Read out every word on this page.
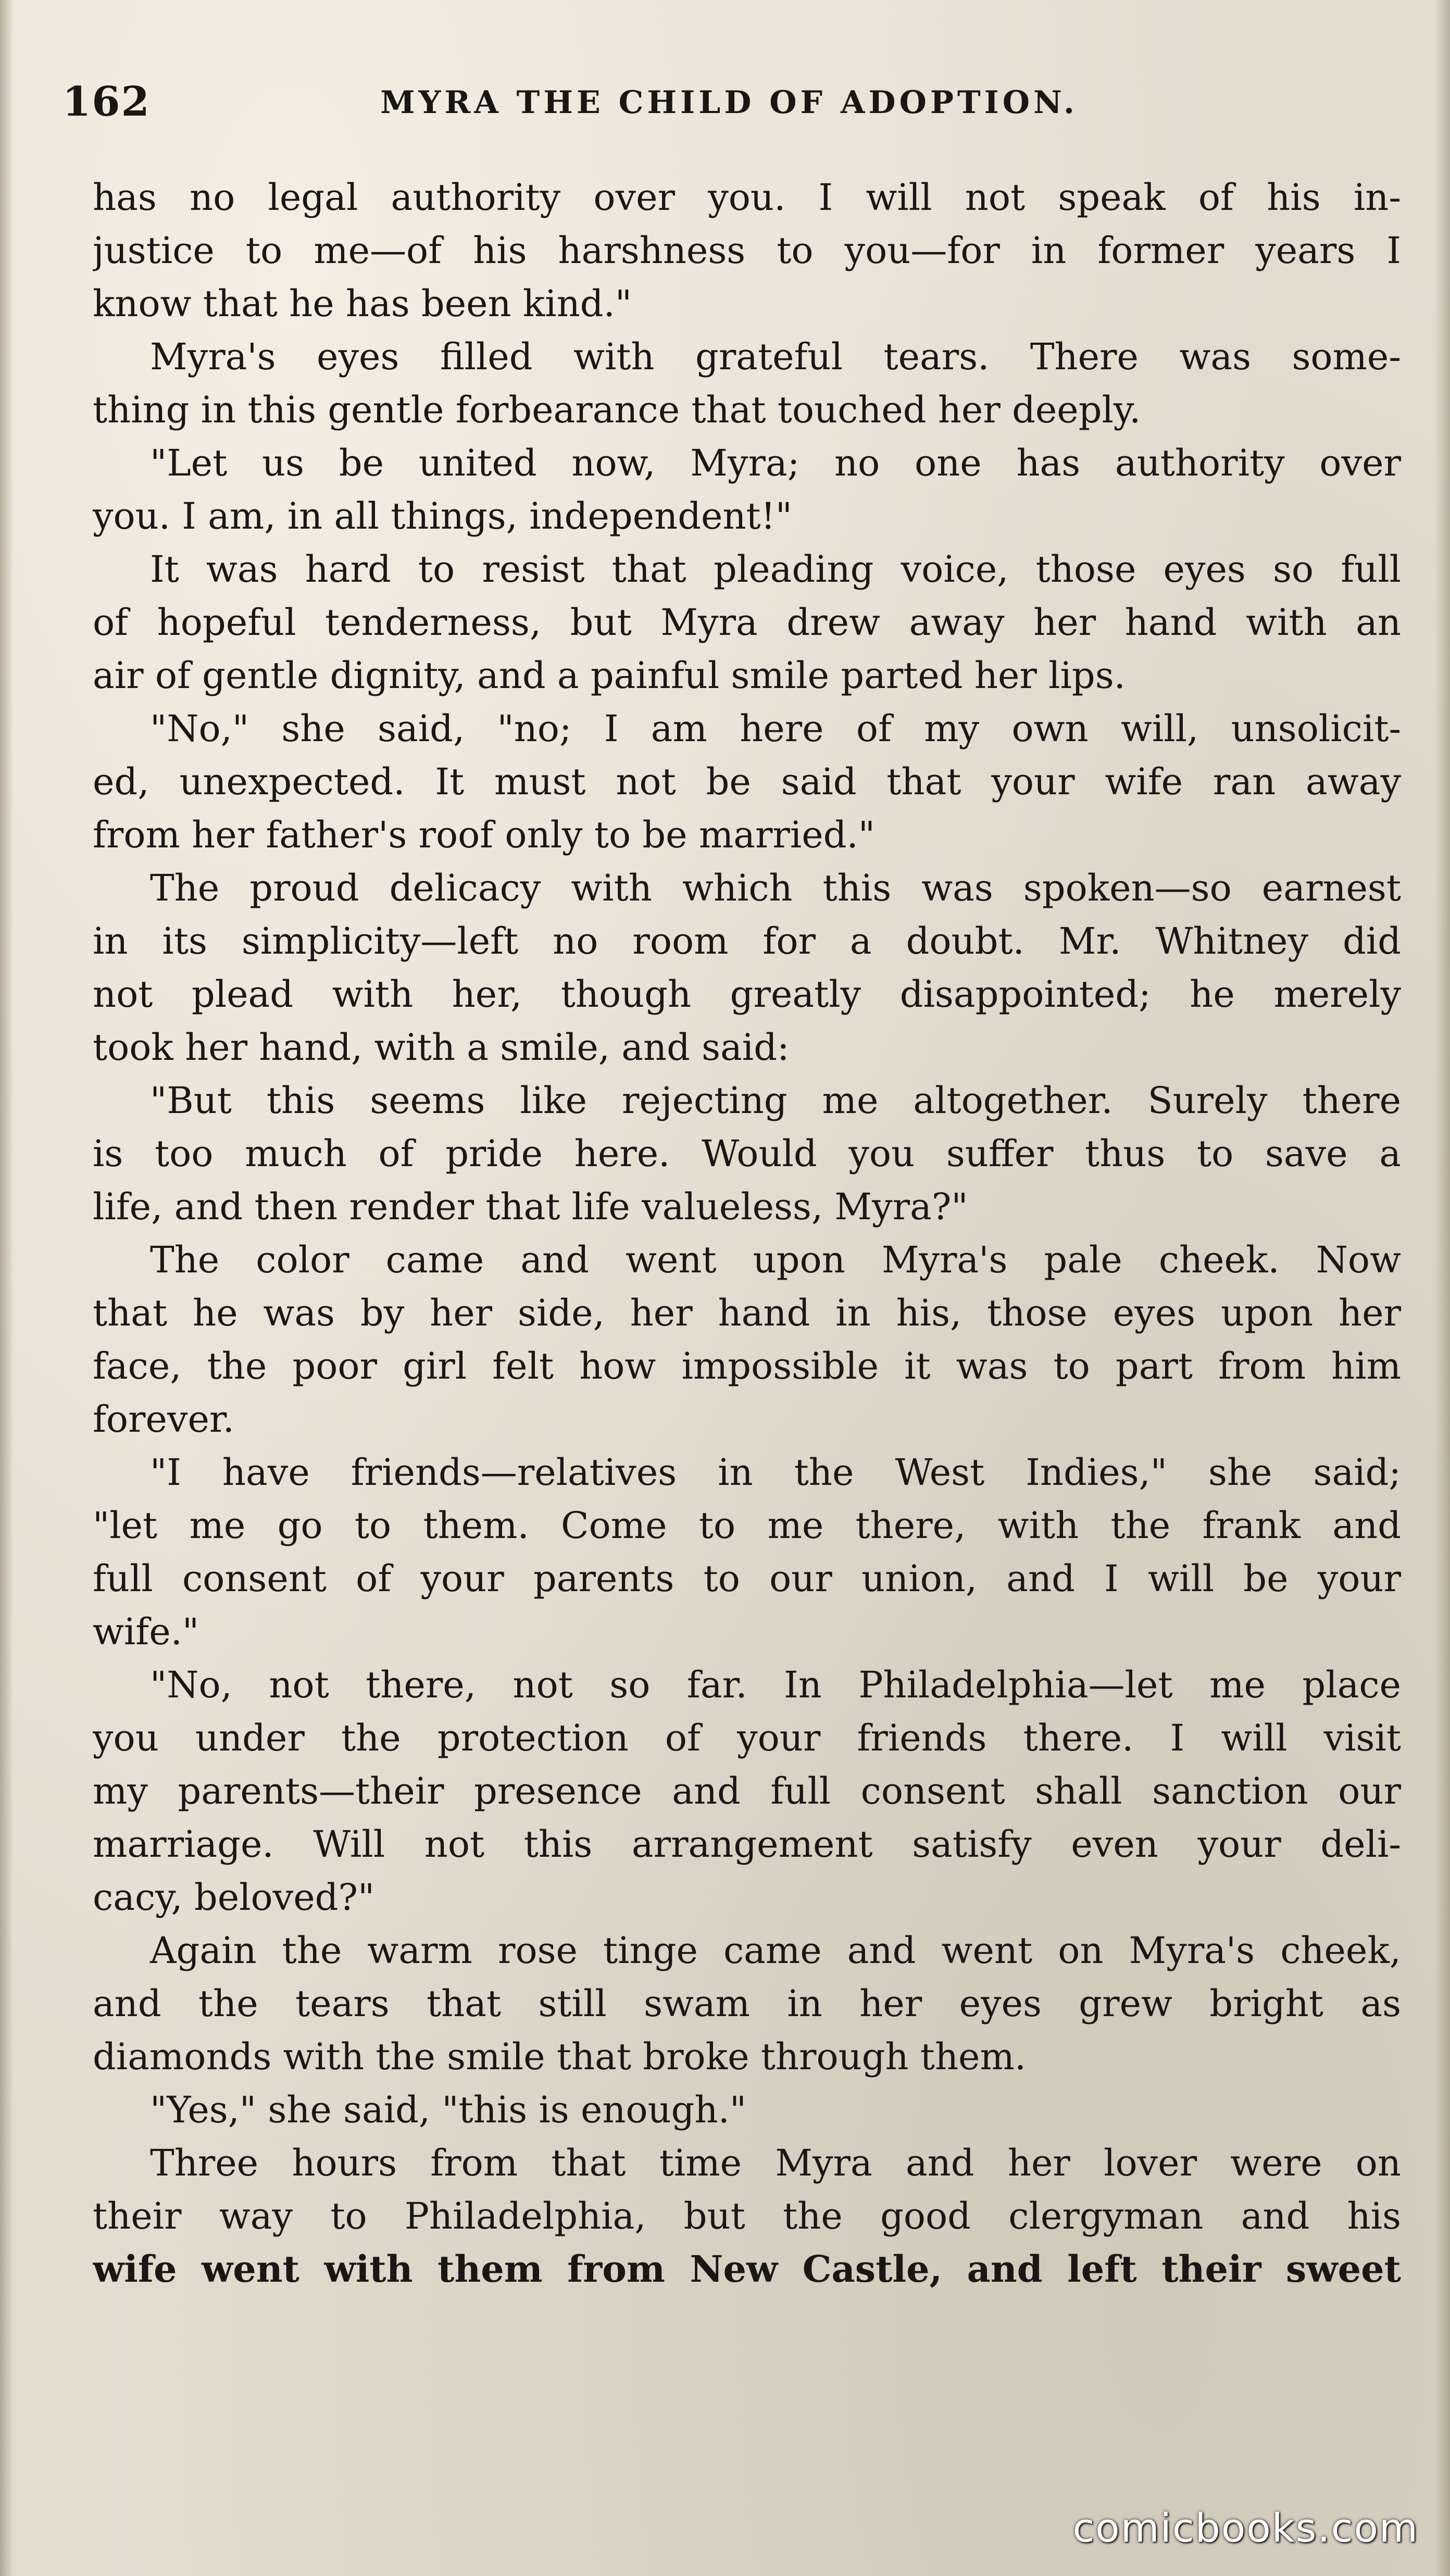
162	MYRA THE CHILD OF ADOPTION.
has no legal authority over you. I will not speak of his in-
justice to me—of his harshness to you—for in former years I
know that he has been kind."
Myra's eyes filled with grateful tears. There was some-
thing in this gentle forbearance that touched her deeply.
"Let us be united now, Myra; no one has authority over
you. I am, in all things, independent!"
It was hard to resist that pleading voice, those eyes so full
of hopeful tenderness, but Myra drew away her hand with an
air of gentle dignity, and a painful smile parted her lips.
"No," she said, "no; I am here of my own will, unsolicit-
ed, unexpected. It must not be said that your wife ran away
from her father's roof only to be married."
The proud delicacy with which this was spoken—so earnest
in its simplicity—left no room for a doubt. Mr. Whitney did
not plead with her, though greatly disappointed; he merely
took her hand, with a smile, and said:
"But this seems like rejecting me altogether. Surely there
is too much of pride here. Would you suffer thus to save a
life, and then render that life valueless, Myra?"
The color came and went upon Myra's pale cheek. Now
that he was by her side, her hand in his, those eyes upon her
face, the poor girl felt how impossible it was to part from him
forever.
"I have friends—relatives in the West Indies," she said;
"let me go to them. Come to me there, with the frank and
full consent of your parents to our union, and I will be your
wife."
"No, not there, not so far. In Philadelphia—let me place
you under the protection of your friends there. I will visit
my parents—their presence and full consent shall sanction our
marriage. Will not this arrangement satisfy even your deli-
cacy, beloved?"
Again the warm rose tinge came and went on Myra's cheek,
and the tears that still swam in her eyes grew bright as
diamonds with the smile that broke through them.
"Yes," she said, "this is enough."
Three hours from that time Myra and her lover were on
their way to Philadelphia, but the good clergyman and his
wife went with them from New Castle, and left their sweet
comicbooks.com
